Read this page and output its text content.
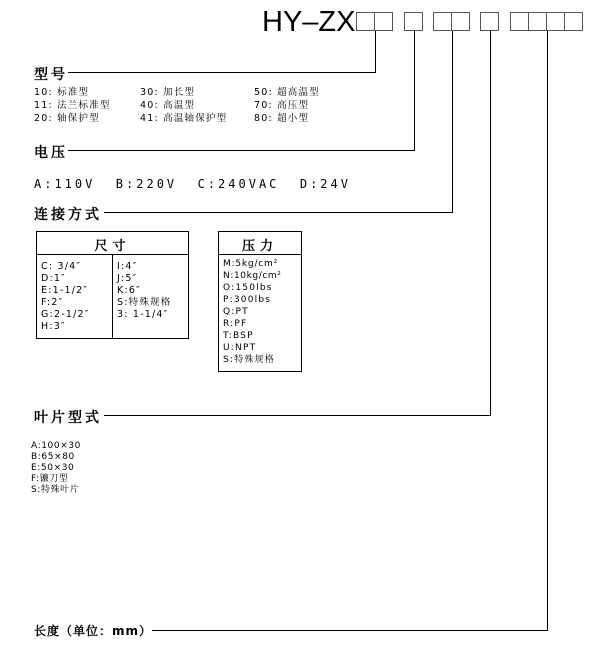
HY–ZX
型号
10: 标准型	30: 加长型	50: 超高温型
11: 法兰标准型	40: 高温型	70: 高压型
20: 轴保护型	41: 高温轴保护型	80: 超小型
电压
A:110V  B:220V  C:240VAC  D:24V
连接方式
尺寸
C: 3/4″
D:1″
E:1-1/2″
F:2″
G:2-1/2″
H:3″
I:4″
J:5″
K:6″
S:特殊规格
3: 1-1/4″
压力
M:5kg/cm²
N:10kg/cm²
O:150lbs
P:300lbs
Q:PT
R:PF
T:BSP
U:NPT
S:特殊规格
叶片型式
A:100×30
B:65×80
E:50×30
F:镰刀型
S:特殊叶片
长度（单位：mm）
